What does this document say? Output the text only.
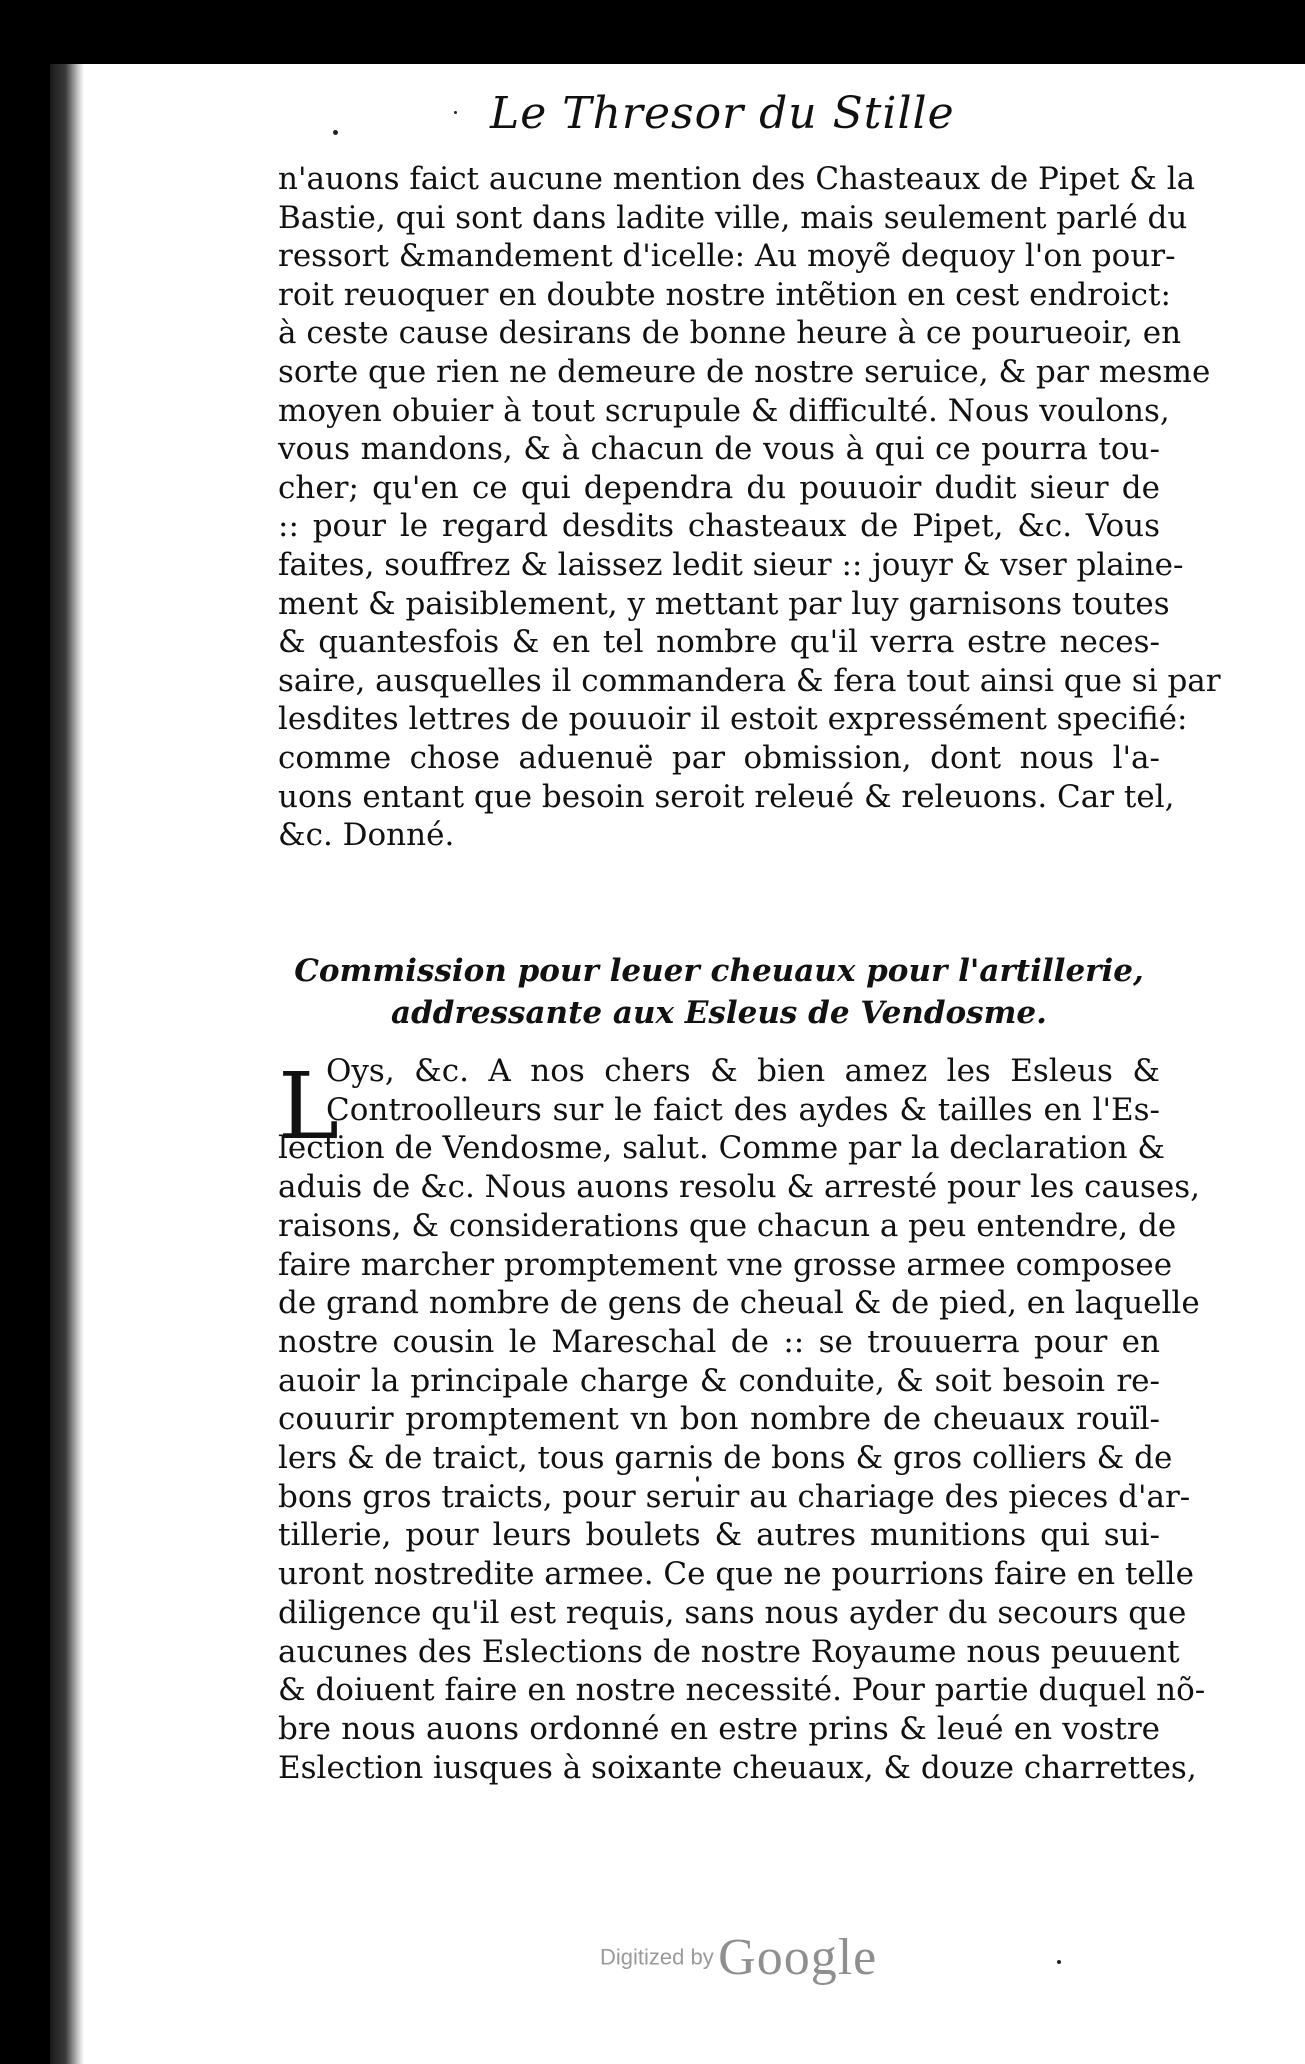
Le Thresor du Stille
n'auons faict aucune mention des Chasteaux de Pipet & la
Bastie, qui sont dans ladite ville, mais seulement parlé du
ressort &mandement d'icelle: Au moyẽ dequoy l'on pour-
roit reuoquer en doubte nostre intẽtion en cest endroict:
à ceste cause desirans de bonne heure à ce pourueoir, en
sorte que rien ne demeure de nostre seruice, & par mesme
moyen obuier à tout scrupule & difficulté. Nous voulons,
vous mandons, & à chacun de vous à qui ce pourra tou-
cher; qu'en ce qui dependra du pouuoir dudit sieur de
:: pour le regard desdits chasteaux de Pipet, &c. Vous
faites, souffrez & laissez ledit sieur :: jouyr & vser plaine-
ment & paisiblement, y mettant par luy garnisons toutes
& quantesfois & en tel nombre qu'il verra estre neces-
saire, ausquelles il commandera & fera tout ainsi que si par
lesdites lettres de pouuoir il estoit expressément specifié:
comme chose aduenuë par obmission, dont nous l'a-
uons entant que besoin seroit releué & releuons. Car tel,
&c. Donné.
Commission pour leuer cheuaux pour l'artillerie,
addressante aux Esleus de Vendosme.
L
Oys, &c. A nos chers & bien amez les Esleus &
Controolleurs sur le faict des aydes & tailles en l'Es-
lection de Vendosme, salut. Comme par la declaration &
aduis de &c. Nous auons resolu & arresté pour les causes,
raisons, & considerations que chacun a peu entendre, de
faire marcher promptement vne grosse armee composee
de grand nombre de gens de cheual & de pied, en laquelle
nostre cousin le Mareschal de :: se trouuerra pour en
auoir la principale charge & conduite, & soit besoin re-
couurir promptement vn bon nombre de cheuaux rouïl-
lers & de traict, tous garnis de bons & gros colliers & de
bons gros traicts, pour seruir au chariage des pieces d'ar-
tillerie, pour leurs boulets & autres munitions qui sui-
uront nostredite armee. Ce que ne pourrions faire en telle
diligence qu'il est requis, sans nous ayder du secours que
aucunes des Eslections de nostre Royaume nous peuuent
& doiuent faire en nostre necessité. Pour partie duquel nõ-
bre nous auons ordonné en estre prins & leué en vostre
Eslection iusques à soixante cheuaux, & douze charrettes,
Digitized by Google
